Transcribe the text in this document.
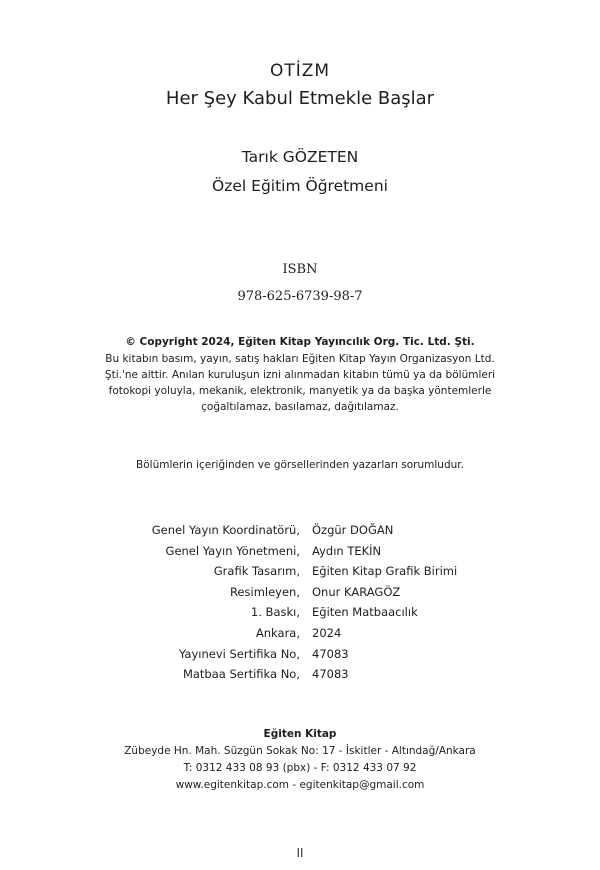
OTİZM
Her Şey Kabul Etmekle Başlar
Tarık GÖZETEN
Özel Eğitim Öğretmeni
ISBN
978-625-6739-98-7
© Copyright 2024, Eğiten Kitap Yayıncılık Org. Tic. Ltd. Şti.
Bu kitabın basım, yayın, satış hakları Eğiten Kitap Yayın Organizasyon Ltd.
Şti.'ne aittir. Anılan kuruluşun izni alınmadan kitabın tümü ya da bölümleri
fotokopi yoluyla, mekanik, elektronik, manyetik ya da başka yöntemlerle
çoğaltılamaz, basılamaz, dağıtılamaz.
Bölümlerin içeriğinden ve görsellerinden yazarları sorumludur.
Genel Yayın Koordinatörü, Özgür DOĞAN
Genel Yayın Yönetmeni, Aydın TEKİN
Grafik Tasarım, Eğiten Kitap Grafik Birimi
Resimleyen, Onur KARAGÖZ
1. Baskı, Eğiten Matbaacılık
Ankara, 2024
Yayınevi Sertifika No, 47083
Matbaa Sertifika No, 47083
Eğiten Kitap
Zübeyde Hn. Mah. Süzgün Sokak No: 17 - İskitler - Altındağ/Ankara
T: 0312 433 08 93 (pbx) - F: 0312 433 07 92
www.egitenkitap.com - egitenkitap@gmail.com
II
